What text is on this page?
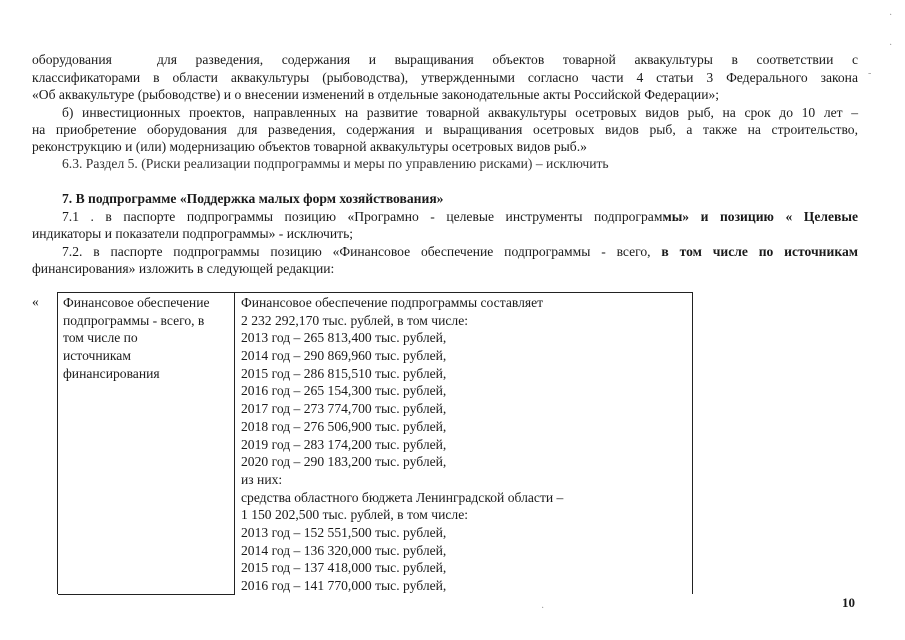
оборудования	для разведения, содержания и выращивания объектов товарной аквакультуры в соответствии с
классификаторами в области аквакультуры (рыбоводства), утвержденными согласно части 4 статьи 3 Федерального закона
«Об аквакультуре (рыбоводстве) и о внесении изменений в отдельные законодательные акты Российской Федерации»;
б) инвестиционных проектов, направленных на развитие товарной аквакультуры осетровых видов рыб, на срок до 10 лет –
на приобретение оборудования для разведения, содержания и выращивания осетровых видов рыб, а также на строительство,
реконструкцию и (или) модернизацию объектов товарной аквакультуры осетровых видов рыб.»
6.3. Раздел 5. (Риски реализации подпрограммы и меры по управлению рисками) – исключить
7. В подпрограмме «Поддержка малых форм хозяйствования»
7.1 . в паспорте подпрограммы позицию «Програмно - целевые инструменты подпрограммы» и позицию « Целевые
индикаторы и показатели подпрограммы» - исключить;
7.2. в паспорте подпрограммы позицию «Финансовое обеспечение подпрограммы - всего, в том числе по источникам
финансирования» изложить в следующей редакции:
« Финансовое обеспечение
подпрограммы - всего, в
том числе по
источникам
финансирования
Финансовое обеспечение подпрограммы составляет
2 232 292,170 тыс. рублей, в том числе:
2013 год – 265 813,400 тыс. рублей,
2014 год – 290 869,960 тыс. рублей,
2015 год – 286 815,510 тыс. рублей,
2016 год – 265 154,300 тыс. рублей,
2017 год – 273 774,700 тыс. рублей,
2018 год – 276 506,900 тыс. рублей,
2019 год – 283 174,200 тыс. рублей,
2020 год – 290 183,200 тыс. рублей,
из них:
средства областного бюджета Ленинградской области –
1 150 202,500 тыс. рублей, в том числе:
2013 год – 152 551,500 тыс. рублей,
2014 год – 136 320,000 тыс. рублей,
2015 год – 137 418,000 тыс. рублей,
2016 год – 141 770,000 тыс. рублей,
10
·
·
-
·
